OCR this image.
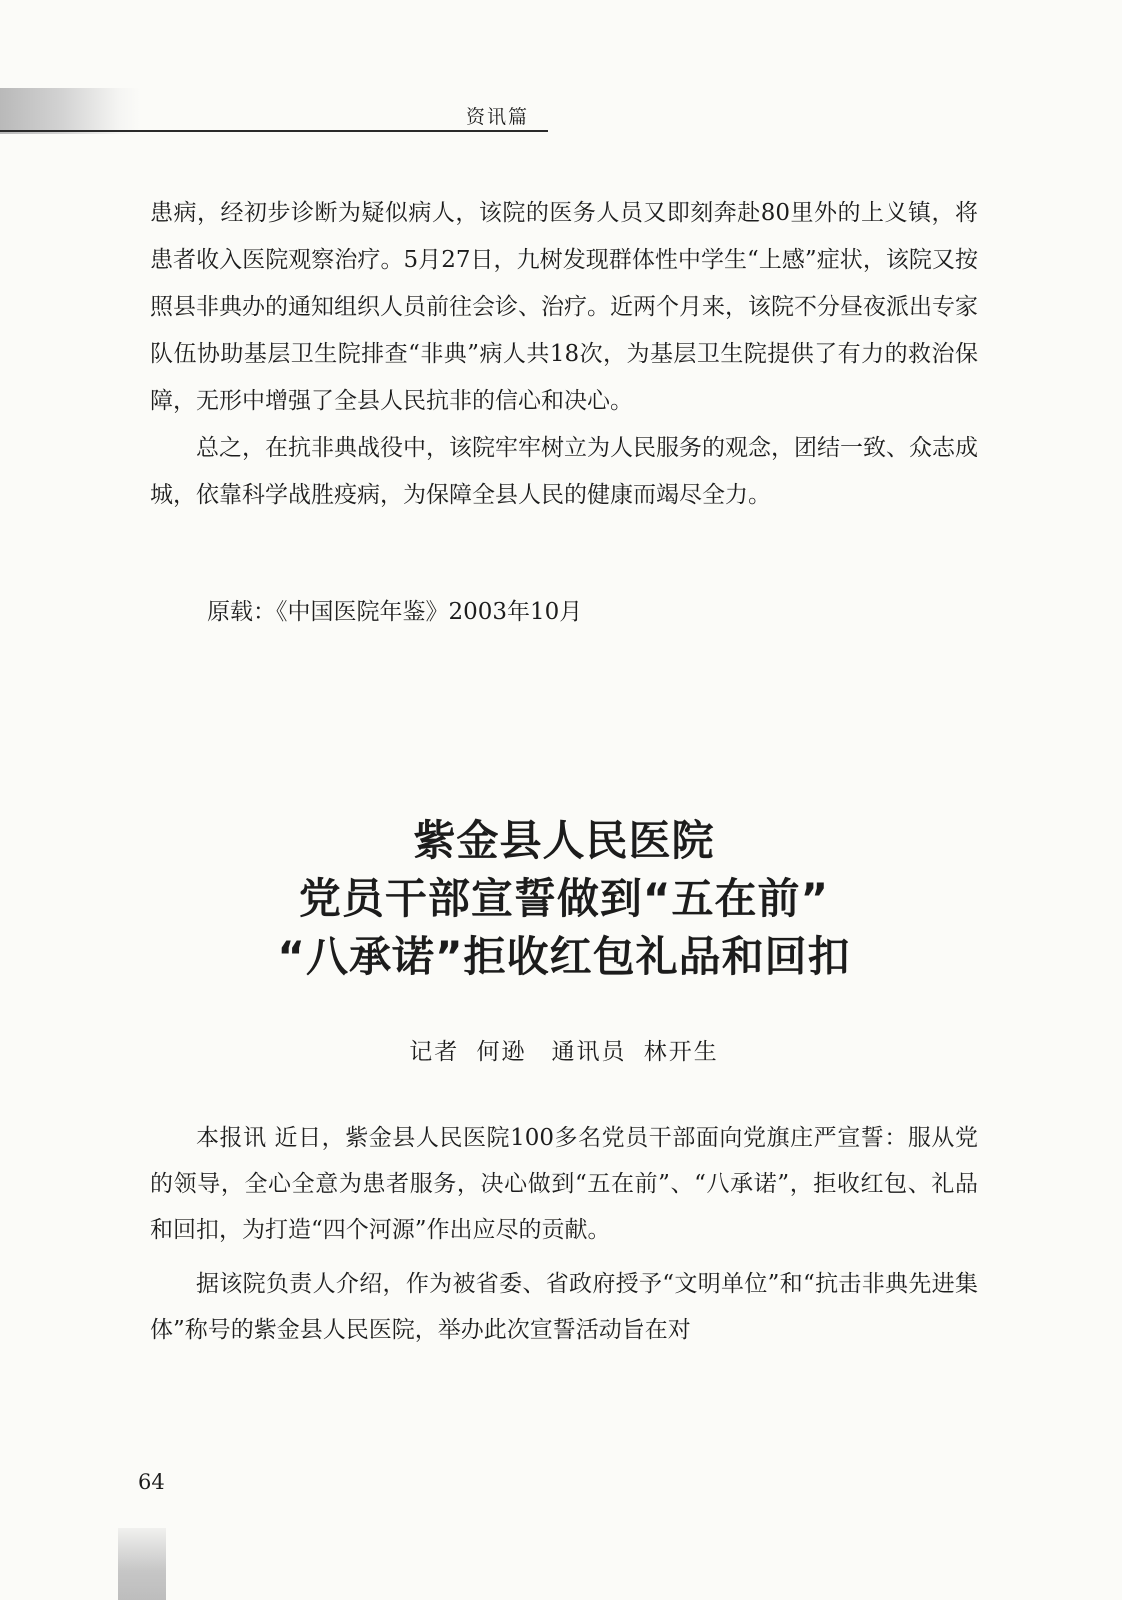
资讯篇

患病，经初步诊断为疑似病人，该院的医务人员又即刻奔赴80里外的上义镇，将患者收入医院观察治疗。5月27日，九树发现群体性中学生“上感”症状，该院又按照县非典办的通知组织人员前往会诊、治疗。近两个月来，该院不分昼夜派出专家队伍协助基层卫生院排查“非典”病人共18次，为基层卫生院提供了有力的救治保障，无形中增强了全县人民抗非的信心和决心。

总之，在抗非典战役中，该院牢牢树立为人民服务的观念，团结一致、众志成城，依靠科学战胜疫病，为保障全县人民的健康而竭尽全力。

原载：《中国医院年鉴》2003年10月
紫金县人民医院
党员干部宣誓做到“五在前”
“八承诺”拒收红包礼品和回扣
记者 何逊　通讯员 林开生

本报讯 近日，紫金县人民医院100多名党员干部面向党旗庄严宣誓：服从党的领导，全心全意为患者服务，决心做到“五在前”、“八承诺”，拒收红包、礼品和回扣，为打造“四个河源”作出应尽的贡献。

据该院负责人介绍，作为被省委、省政府授予“文明单位”和“抗击非典先进集体”称号的紫金县人民医院，举办此次宣誓活动旨在对

64
